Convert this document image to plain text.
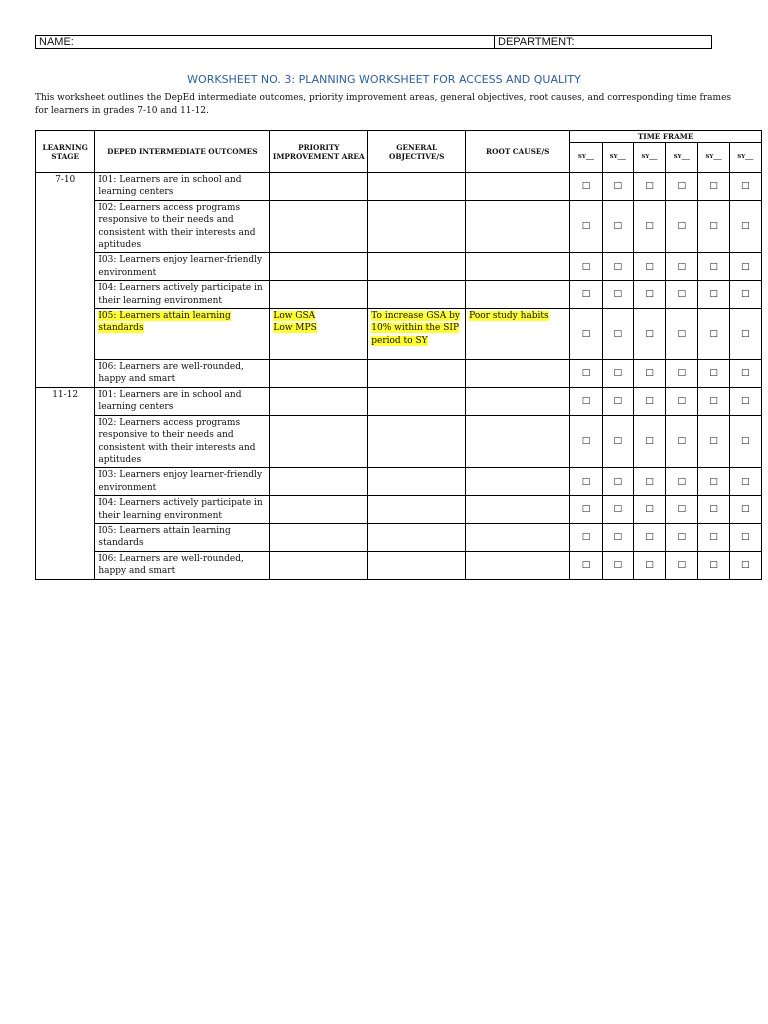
NAME:	DEPARTMENT:
WORKSHEET NO. 3: PLANNING WORKSHEET FOR ACCESS AND QUALITY
This worksheet outlines the DepEd intermediate outcomes, priority improvement areas, general objectives, root causes, and corresponding time frames for learners in grades 7-10 and 11-12.
LEARNING STAGE	DEPED INTERMEDIATE OUTCOMES	PRIORITY IMPROVEMENT AREA	GENERAL OBJECTIVE/S	ROOT CAUSE/S	TIME FRAME					
					SY___	SY___	SY___	SY___	SY___	SY___
7-10	I01: Learners are in school and learning centers				□	□	□	□	□	□
	I02: Learners access programs responsive to their needs and consistent with their interests and aptitudes				□	□	□	□	□	□
	I03: Learners enjoy learner-friendly environment				□	□	□	□	□	□
	I04: Learners actively participate in their learning environment				□	□	□	□	□	□
	I05: Learners attain learning standards	Low GSA
Low MPS	To increase GSA by 10% within the SIP period to SY	Poor study habits	□	□	□	□	□	□
	I06: Learners are well-rounded, happy and smart				□	□	□	□	□	□
11-12	I01: Learners are in school and learning centers				□	□	□	□	□	□
	I02: Learners access programs responsive to their needs and consistent with their interests and aptitudes				□	□	□	□	□	□
	I03: Learners enjoy learner-friendly environment				□	□	□	□	□	□
	I04: Learners actively participate in their learning environment				□	□	□	□	□	□
	I05: Learners attain learning standards				□	□	□	□	□	□
	I06: Learners are well-rounded, happy and smart				□	□	□	□	□	□
